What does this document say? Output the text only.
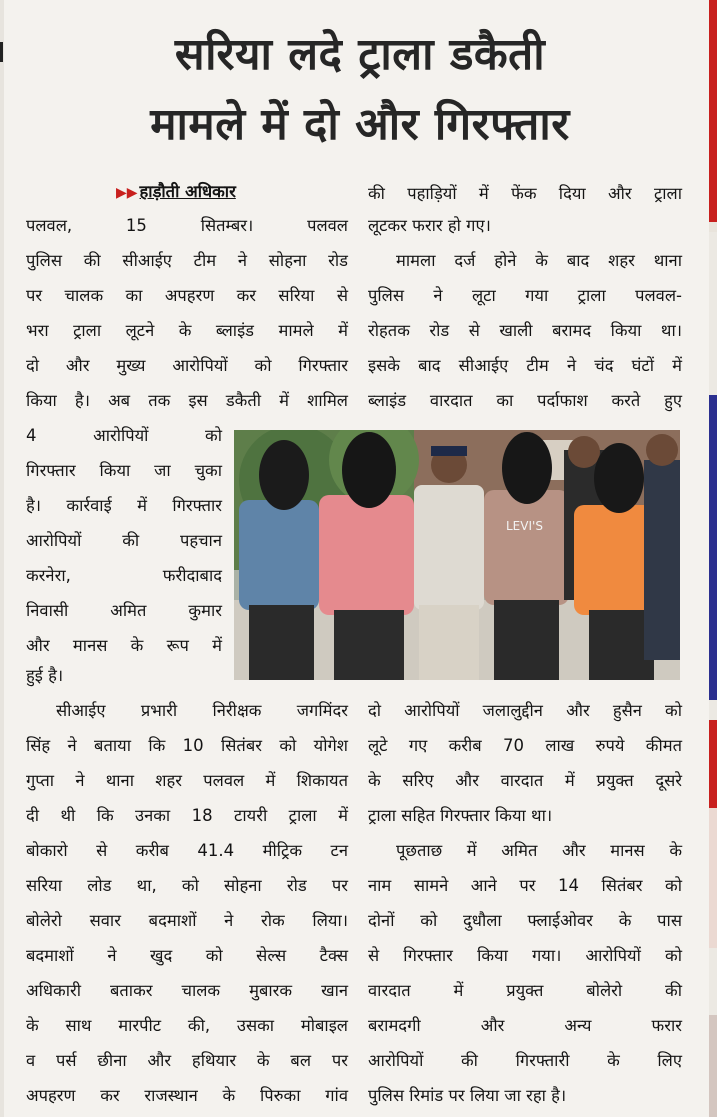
सरिया लदे ट्राला डकैती
मामले में दो और गिरफ्तार
▶▶ हाड़ौती अधिकार
पलवल, 15 सितम्बर। पलवल
पुलिस की सीआईए टीम ने सोहना रोड
पर चालक का अपहरण कर सरिया से
भरा ट्राला लूटने के ब्लाइंड मामले में
दो और मुख्य आरोपियों को गिरफ्तार
किया है। अब तक इस डकैती में शामिल
4 आरोपियों को
गिरफ्तार किया जा चुका
है। कार्रवाई में गिरफ्तार
आरोपियों की पहचान
करनेरा, फरीदाबाद
निवासी अमित कुमार
और मानस के रूप में
हुई है।
की पहाड़ियों में फेंक दिया और ट्राला
लूटकर फरार हो गए।
मामला दर्ज होने के बाद शहर थाना
पुलिस ने लूटा गया ट्राला पलवल-
रोहतक रोड से खाली बरामद किया था।
इसके बाद सीआईए टीम ने चंद घंटों में
ब्लाइंड वारदात का पर्दाफाश करते हुए
LEVI'S
सीआईए प्रभारी निरीक्षक जगमिंदर
सिंह ने बताया कि 10 सितंबर को योगेश
गुप्ता ने थाना शहर पलवल में शिकायत
दी थी कि उनका 18 टायरी ट्राला में
बोकारो से करीब 41.4 मीट्रिक टन
सरिया लोड था, को सोहना रोड पर
बोलेरो सवार बदमाशों ने रोक लिया।
बदमाशों ने खुद को सेल्स टैक्स
अधिकारी बताकर चालक मुबारक खान
के साथ मारपीट की, उसका मोबाइल
व पर्स छीना और हथियार के बल पर
अपहरण कर राजस्थान के पिरुका गांव
दो आरोपियों जलालुद्दीन और हुसैन को
लूटे गए करीब 70 लाख रुपये कीमत
के सरिए और वारदात में प्रयुक्त दूसरे
ट्राला सहित गिरफ्तार किया था।
पूछताछ में अमित और मानस के
नाम सामने आने पर 14 सितंबर को
दोनों को दुधौला फ्लाईओवर के पास
से गिरफ्तार किया गया। आरोपियों को
वारदात में प्रयुक्त बोलेरो की
बरामदगी और अन्य फरार
आरोपियों की गिरफ्तारी के लिए
पुलिस रिमांड पर लिया जा रहा है।
